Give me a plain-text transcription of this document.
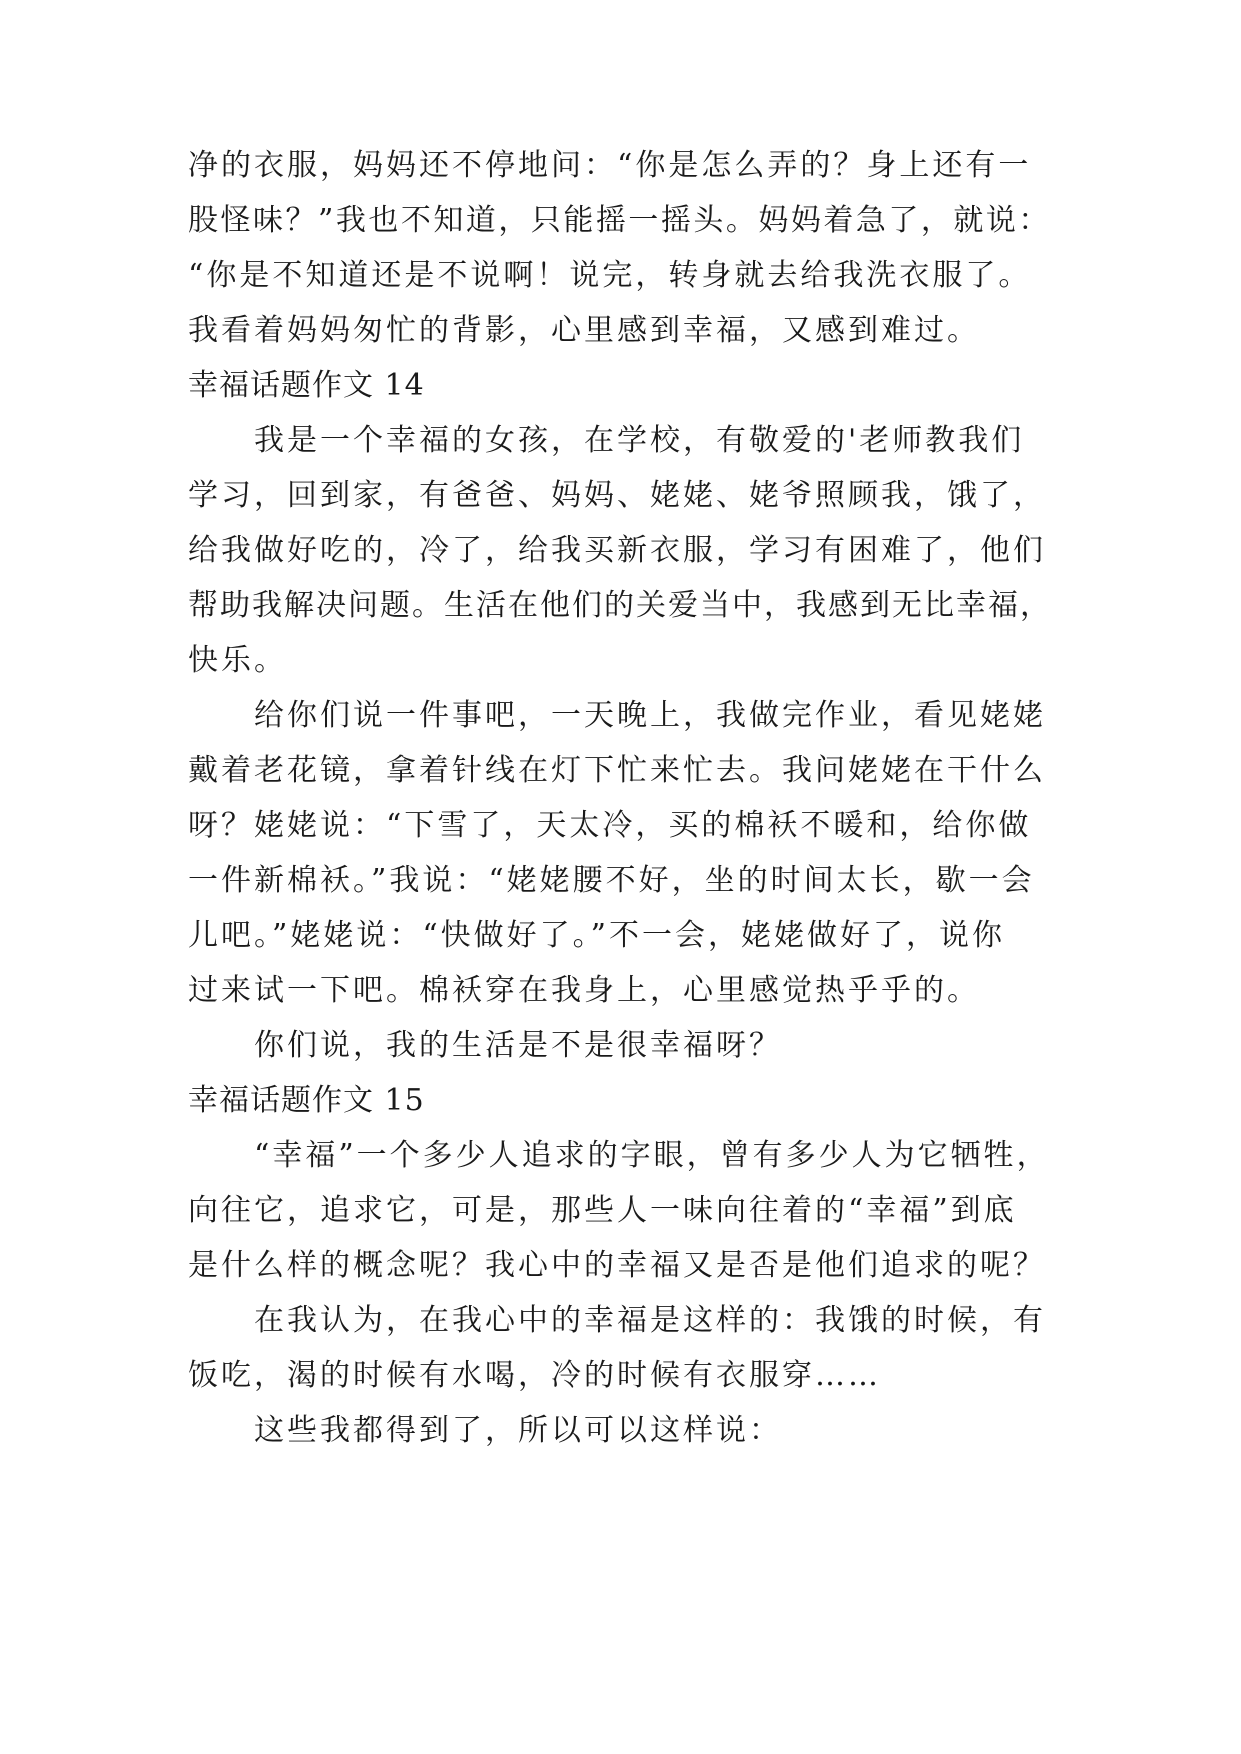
净的衣服，妈妈还不停地问：“你是怎么弄的？身上还有一
股怪味？”我也不知道，只能摇一摇头。妈妈着急了，就说：
“你是不知道还是不说啊！说完，转身就去给我洗衣服了。
我看着妈妈匆忙的背影，心里感到幸福，又感到难过。
幸福话题作文 14
我是一个幸福的女孩，在学校，有敬爱的'老师教我们
学习，回到家，有爸爸、妈妈、姥姥、姥爷照顾我，饿了，
给我做好吃的，冷了，给我买新衣服，学习有困难了，他们
帮助我解决问题。生活在他们的关爱当中，我感到无比幸福，
快乐。
给你们说一件事吧，一天晚上，我做完作业，看见姥姥
戴着老花镜，拿着针线在灯下忙来忙去。我问姥姥在干什么
呀？姥姥说：“下雪了，天太冷，买的棉袄不暖和，给你做
一件新棉袄。”我说：“姥姥腰不好，坐的时间太长，歇一会
儿吧。”姥姥说：“快做好了。”不一会，姥姥做好了，说你
过来试一下吧。棉袄穿在我身上，心里感觉热乎乎的。
你们说，我的生活是不是很幸福呀？
幸福话题作文 15
“幸福”一个多少人追求的字眼，曾有多少人为它牺牲，
向往它，追求它，可是，那些人一味向往着的“幸福”到底
是什么样的概念呢？我心中的幸福又是否是他们追求的呢？
在我认为，在我心中的幸福是这样的：我饿的时候，有
饭吃，渴的时候有水喝，冷的时候有衣服穿……
这些我都得到了，所以可以这样说：
